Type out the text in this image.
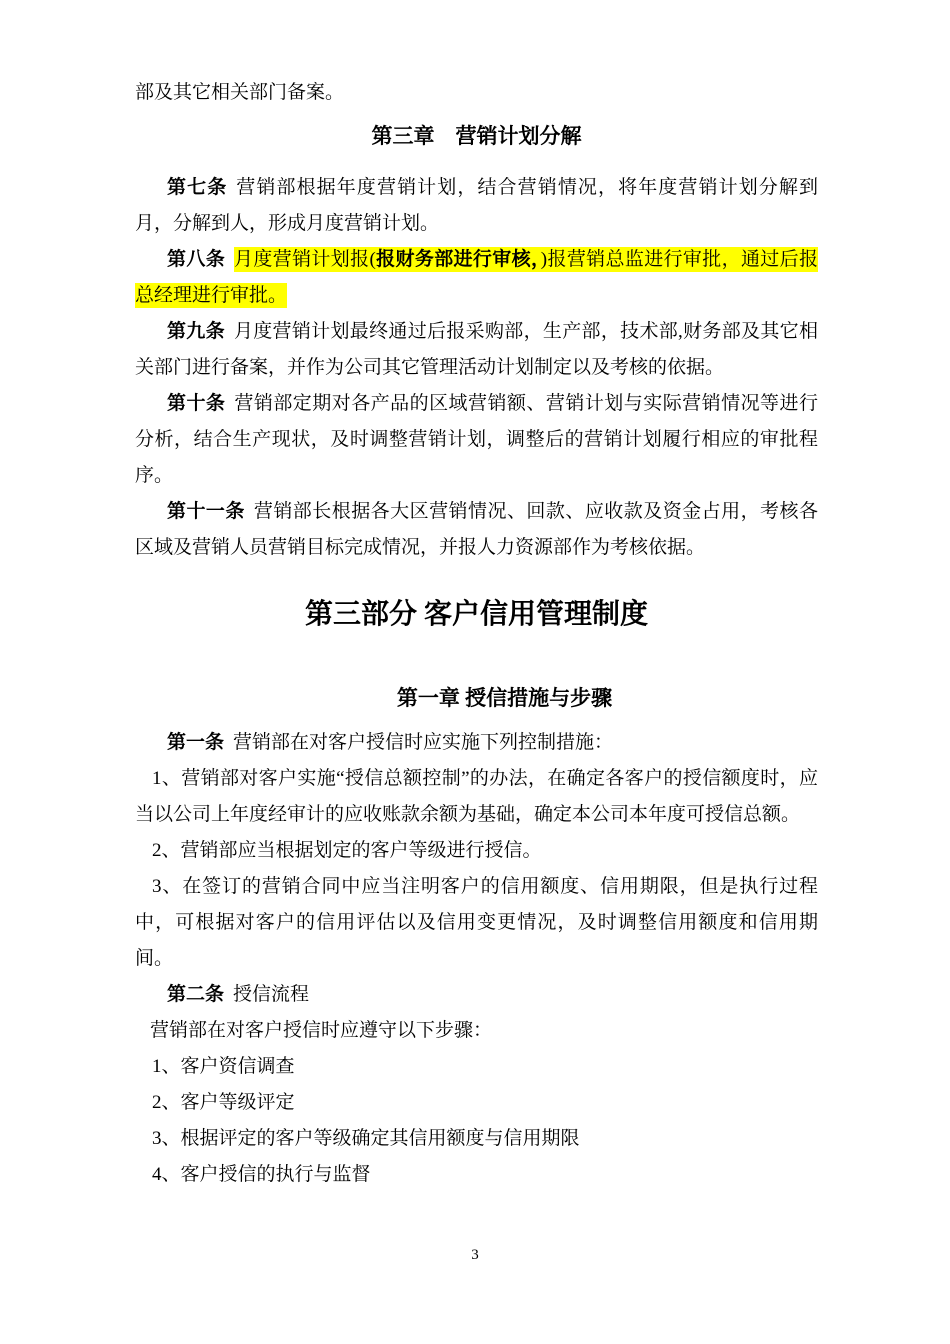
部及其它相关部门备案。

第三章　营销计划分解

第七条 营销部根据年度营销计划，结合营销情况，将年度营销计划分解到月，分解到人，形成月度营销计划。

第八条 月度营销计划报(报财务部进行审核，)报营销总监进行审批，通过后报总经理进行审批。

第九条 月度营销计划最终通过后报采购部，生产部，技术部,财务部及其它相关部门进行备案，并作为公司其它管理活动计划制定以及考核的依据。

第十条 营销部定期对各产品的区域营销额、营销计划与实际营销情况等进行分析，结合生产现状，及时调整营销计划，调整后的营销计划履行相应的审批程序。

第十一条 营销部长根据各大区营销情况、回款、应收款及资金占用，考核各区域及营销人员营销目标完成情况，并报人力资源部作为考核依据。

第三部分 客户信用管理制度
第一章 授信措施与步骤

第一条 营销部在对客户授信时应实施下列控制措施：

1、营销部对客户实施“授信总额控制”的办法，在确定各客户的授信额度时，应当以公司上年度经审计的应收账款余额为基础，确定本公司本年度可授信总额。

2、营销部应当根据划定的客户等级进行授信。

3、在签订的营销合同中应当注明客户的信用额度、信用期限，但是执行过程中，可根据对客户的信用评估以及信用变更情况，及时调整信用额度和信用期间。

第二条 授信流程

营销部在对客户授信时应遵守以下步骤：

1、客户资信调查

2、客户等级评定

3、根据评定的客户等级确定其信用额度与信用期限

4、客户授信的执行与监督

3
